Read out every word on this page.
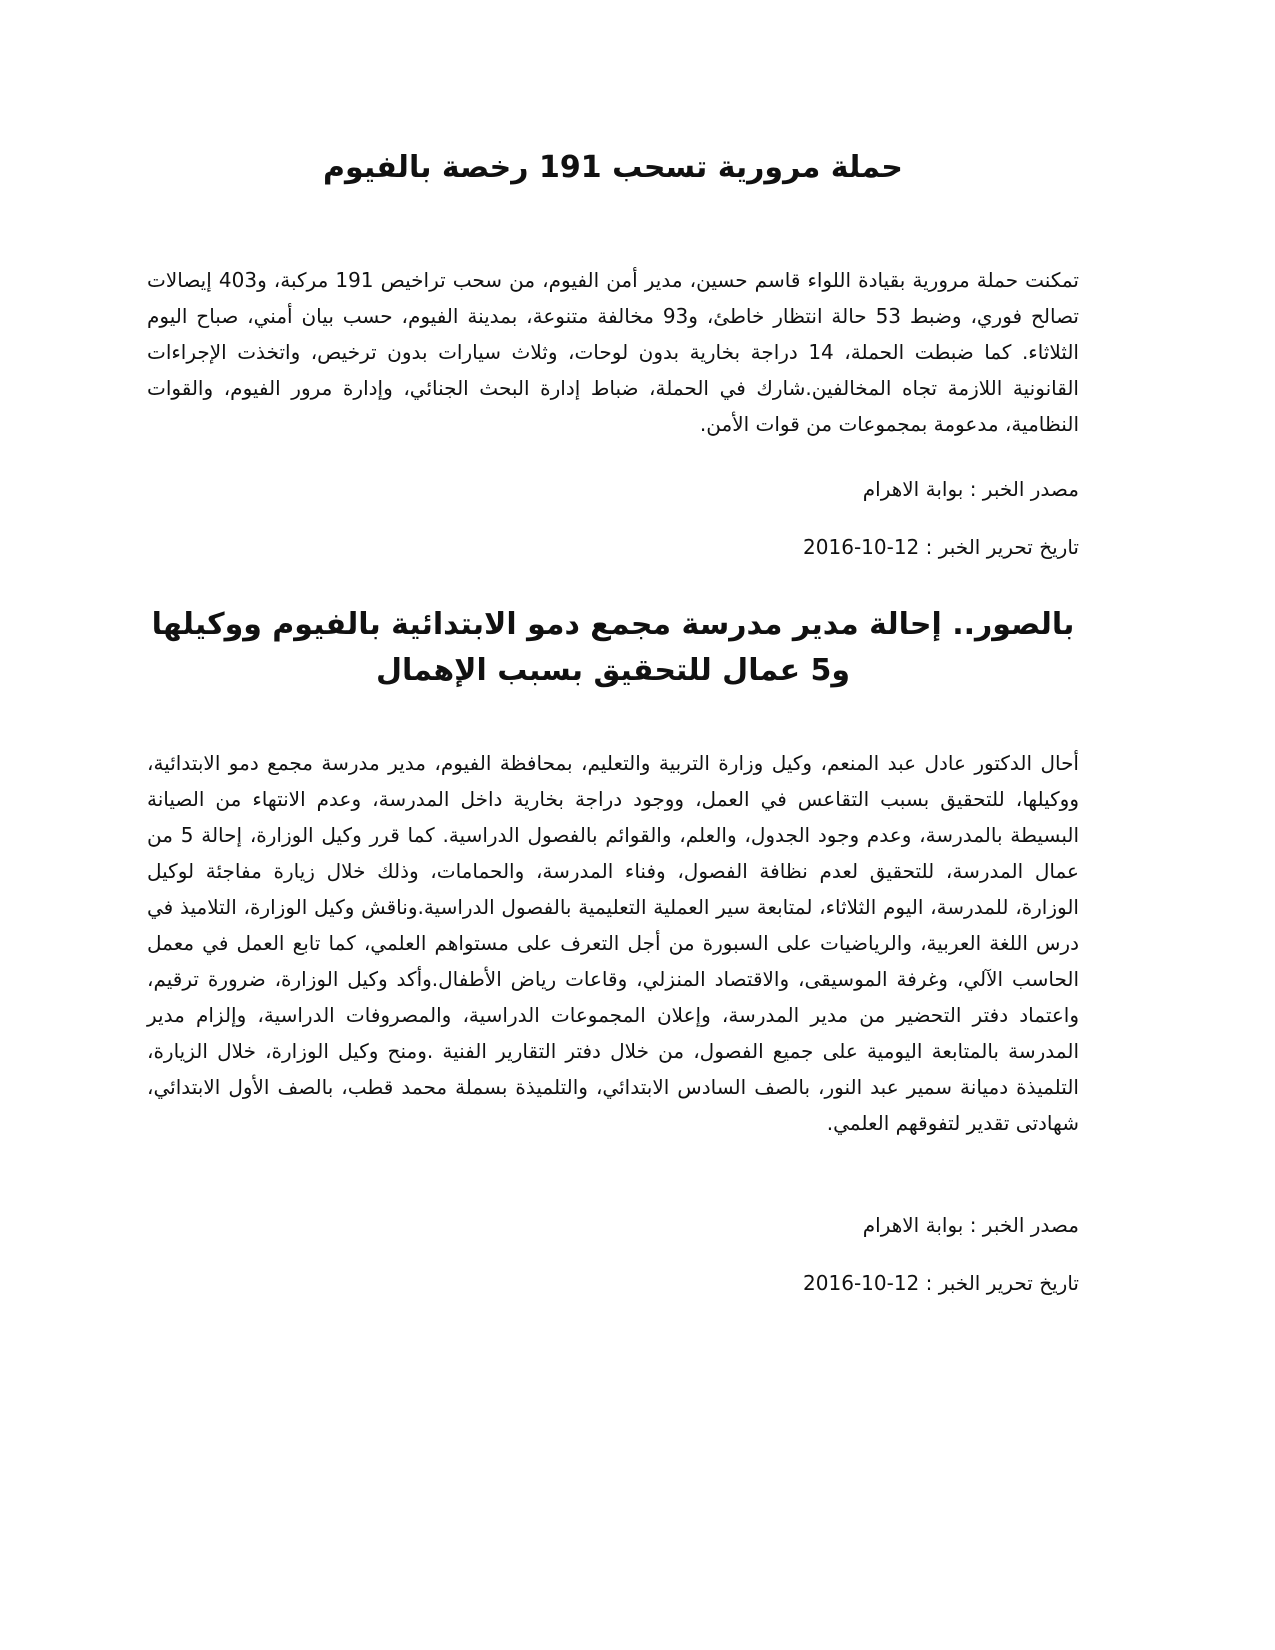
حملة مرورية تسحب 191 رخصة بالفيوم

تمكنت حملة مرورية بقيادة اللواء قاسم حسين، مدير أمن الفيوم، من سحب تراخيص 191 مركبة، و403 إيصالات تصالح فوري، وضبط 53 حالة انتظار خاطئ، و93 مخالفة متنوعة، بمدينة الفيوم، حسب بيان أمني، صباح اليوم الثلاثاء. كما ضبطت الحملة، 14 دراجة بخارية بدون لوحات، وثلاث سيارات بدون ترخيص، واتخذت الإجراءات القانونية اللازمة تجاه المخالفين.شارك في الحملة، ضباط إدارة البحث الجنائي، وإدارة مرور الفيوم، والقوات النظامية، مدعومة بمجموعات من قوات الأمن.

مصدر الخبر : بوابة الاهرام

تاريخ تحرير الخبر : 12-10-2016

بالصور.. إحالة مدير مدرسة مجمع دمو الابتدائية بالفيوم ووكيلها و5 عمال للتحقيق بسبب الإهمال

أحال الدكتور عادل عبد المنعم، وكيل وزارة التربية والتعليم، بمحافظة الفيوم، مدير مدرسة مجمع دمو الابتدائية، ووكيلها، للتحقيق بسبب التقاعس في العمل، ووجود دراجة بخارية داخل المدرسة، وعدم الانتهاء من الصيانة البسيطة بالمدرسة، وعدم وجود الجدول، والعلم، والقوائم بالفصول الدراسية. كما قرر وكيل الوزارة، إحالة 5 من عمال المدرسة، للتحقيق لعدم نظافة الفصول، وفناء المدرسة، والحمامات، وذلك خلال زيارة مفاجئة لوكيل الوزارة، للمدرسة، اليوم الثلاثاء، لمتابعة سير العملية التعليمية بالفصول الدراسية.وناقش وكيل الوزارة، التلاميذ في درس اللغة العربية، والرياضيات على السبورة من أجل التعرف على مستواهم العلمي، كما تابع العمل في معمل الحاسب الآلي، وغرفة الموسيقى، والاقتصاد المنزلي، وقاعات رياض الأطفال.وأكد وكيل الوزارة، ضرورة ترقيم، واعتماد دفتر التحضير من مدير المدرسة، وإعلان المجموعات الدراسية، والمصروفات الدراسية، وإلزام مدير المدرسة بالمتابعة اليومية على جميع الفصول، من خلال دفتر التقارير الفنية .ومنح وكيل الوزارة، خلال الزيارة، التلميذة دميانة سمير عبد النور، بالصف السادس الابتدائي، والتلميذة بسملة محمد قطب، بالصف الأول الابتدائي، شهادتى تقدير لتفوقهم العلمي.

مصدر الخبر : بوابة الاهرام

تاريخ تحرير الخبر : 12-10-2016
